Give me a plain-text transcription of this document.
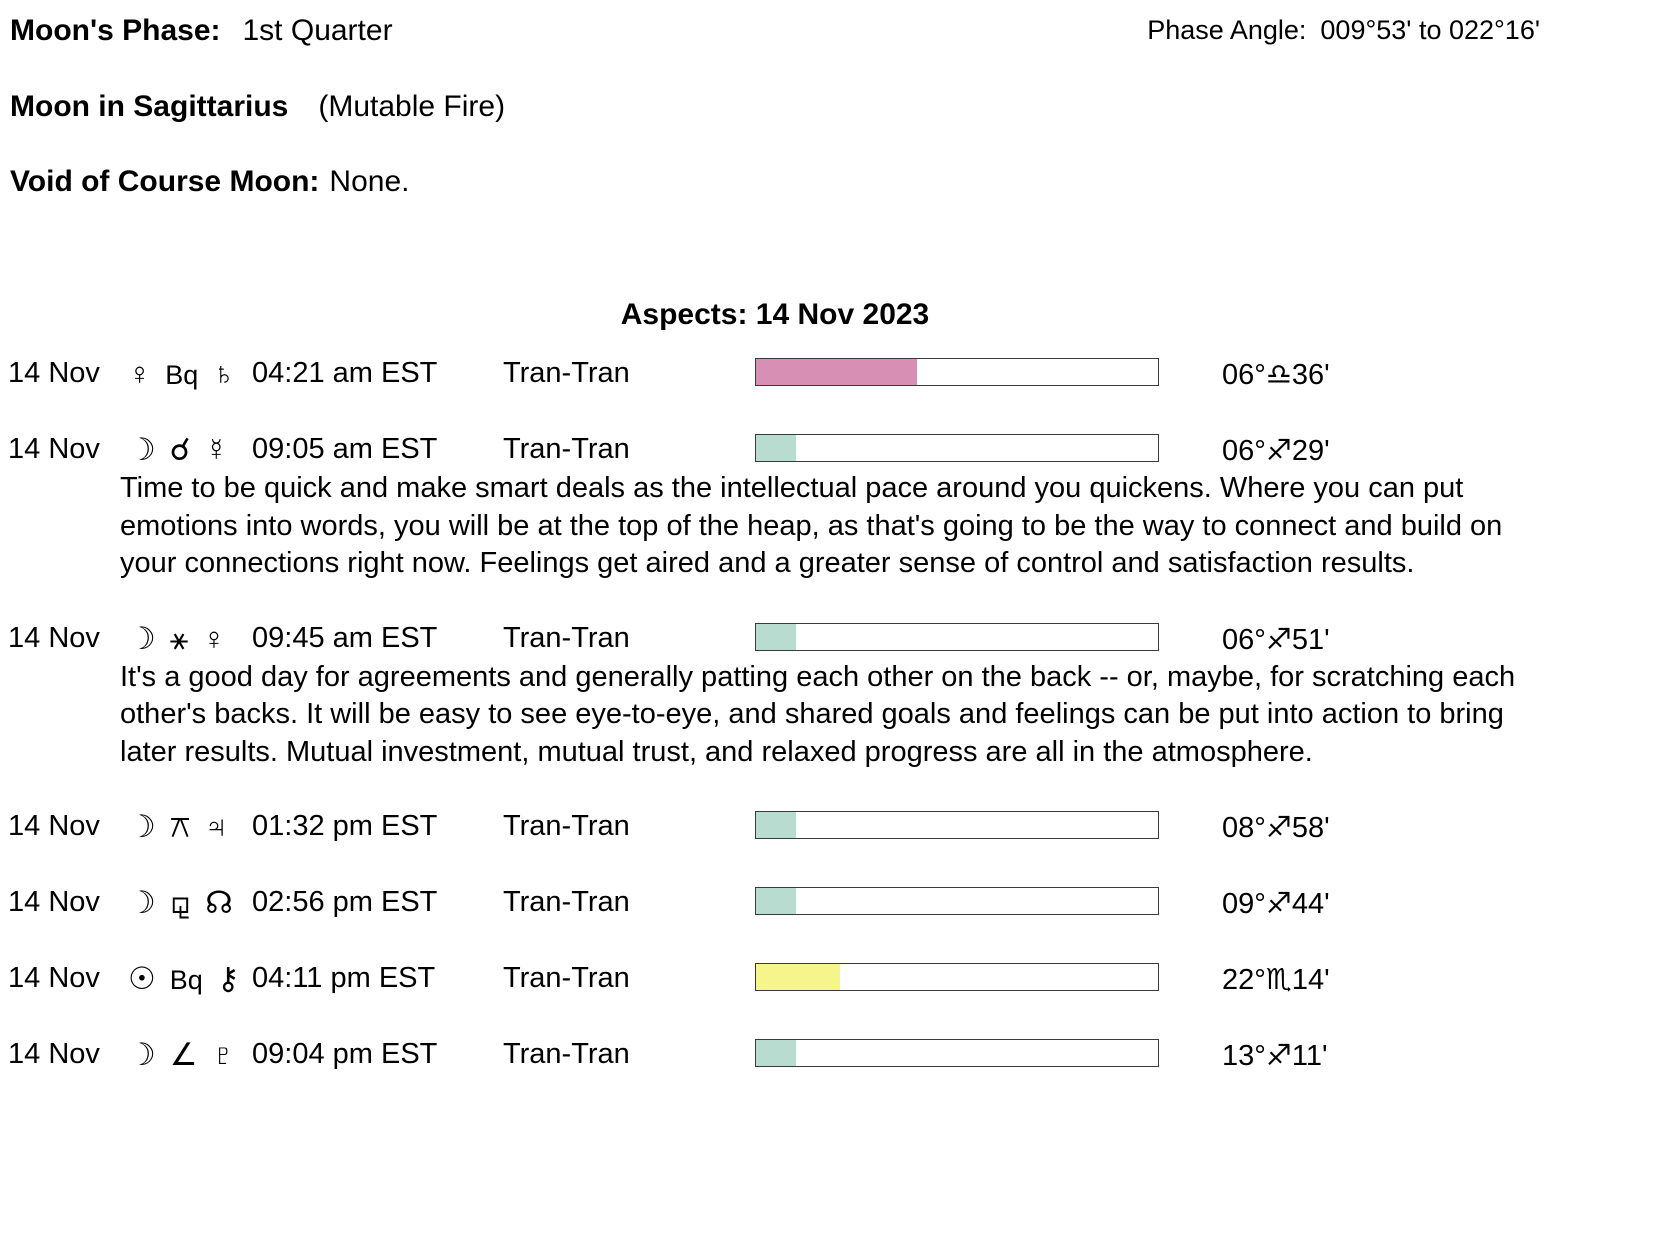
Moon's Phase: 1st Quarter	Phase Angle: 009°53' to 022°16'
Moon in Sagittarius (Mutable Fire)
Void of Course Moon: None.
Aspects: 14 Nov 2023
14 Nov ♀ Bq ♄ 04:21 am EST Tran-Tran	06°♎36'
14 Nov ☽ ☌ ☿ 09:05 am EST Tran-Tran	06°♐29'
Time to be quick and make smart deals as the intellectual pace around you quickens. Where you can put emotions into words, you will be at the top of the heap, as that's going to be the way to connect and build on your connections right now. Feelings get aired and a greater sense of control and satisfaction results.
14 Nov ☽ ⚹ ♀ 09:45 am EST Tran-Tran	06°♐51'
It's a good day for agreements and generally patting each other on the back -- or, maybe, for scratching each other's backs. It will be easy to see eye-to-eye, and shared goals and feelings can be put into action to bring later results. Mutual investment, mutual trust, and relaxed progress are all in the atmosphere.
14 Nov ☽ ⚻ ♃ 01:32 pm EST Tran-Tran	08°♐58'
14 Nov ☽ ⚼ ☊ 02:56 pm EST Tran-Tran	09°♐44'
14 Nov ☉ Bq ⚷ 04:11 pm EST Tran-Tran	22°♏14'
14 Nov ☽ ∠ ♇ 09:04 pm EST Tran-Tran	13°♐11'
